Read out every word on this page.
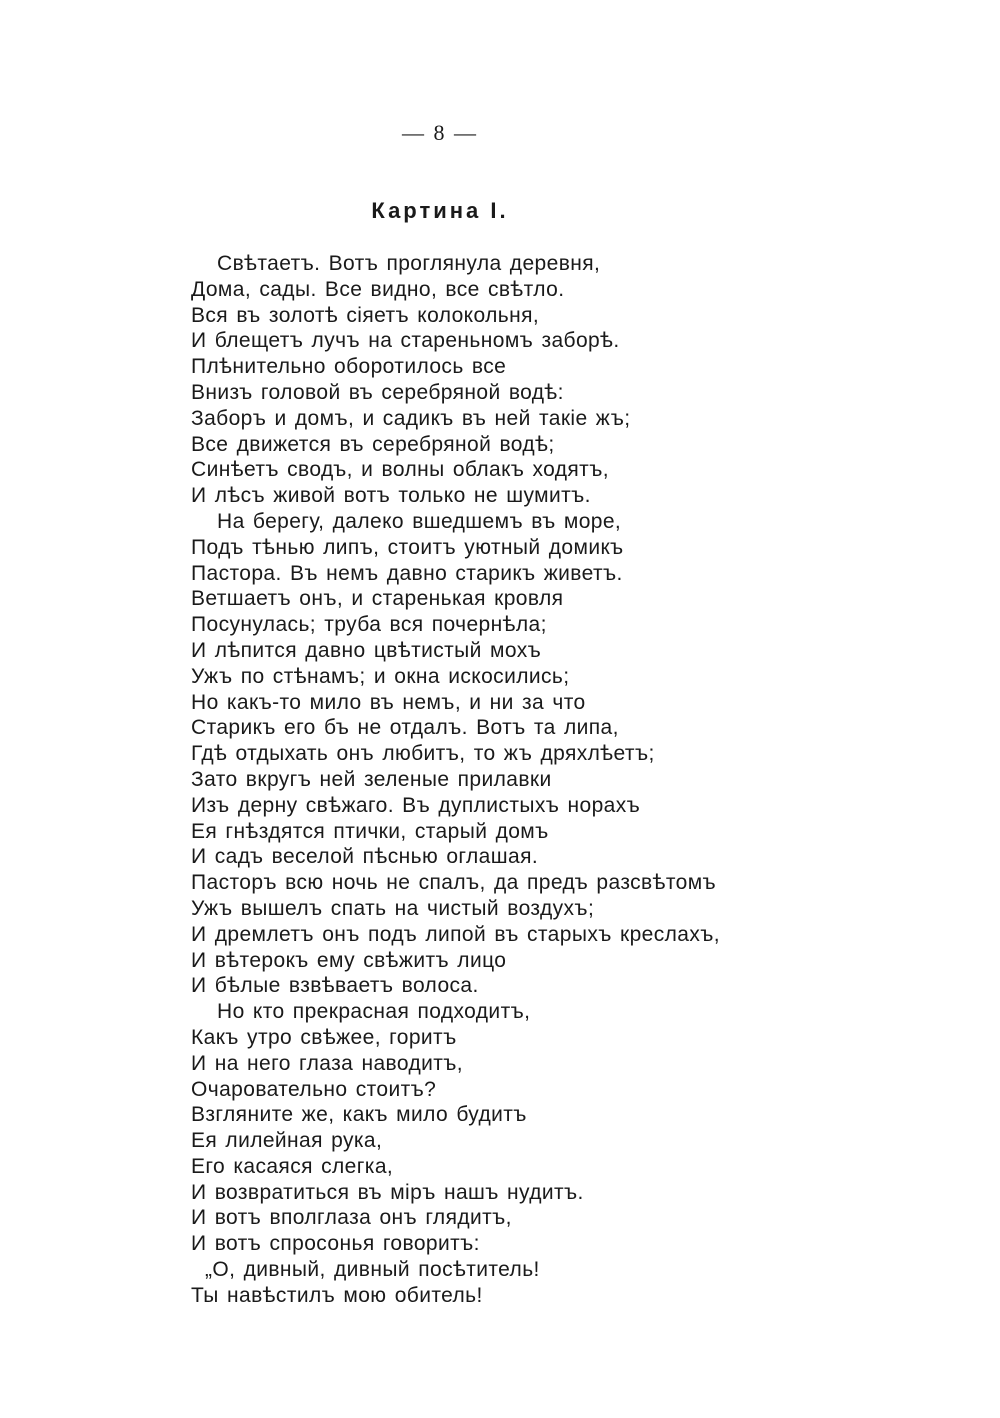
— 8 —
Картина I.
Свѣтаетъ. Вотъ проглянула деревня,
Дома, сады. Все видно, все свѣтло.
Вся въ золотѣ сіяетъ колокольня,
И блещетъ лучъ на стареньномъ заборѣ.
Плѣнительно оборотилось все
Внизъ головой въ серебряной водѣ:
Заборъ и домъ, и садикъ въ ней такіе жъ;
Все движется въ серебряной водѣ;
Синѣетъ сводъ, и волны облакъ ходятъ,
И лѣсъ живой вотъ только не шумитъ.
На берегу, далеко вшедшемъ въ море,
Подъ тѣнью липъ, стоитъ уютный домикъ
Пастора. Въ немъ давно старикъ живетъ.
Ветшаетъ онъ, и старенькая кровля
Посунулась; труба вся почернѣла;
И лѣпится давно цвѣтистый мохъ
Ужъ по стѣнамъ; и окна искосились;
Но какъ-то мило въ немъ, и ни за что
Старикъ его бъ не отдалъ. Вотъ та липа,
Гдѣ отдыхать онъ любитъ, то жъ дряхлѣетъ;
Зато вкругъ ней зеленые прилавки
Изъ дерну свѣжаго. Въ дуплистыхъ норахъ
Ея гнѣздятся птички, старый домъ
И садъ веселой пѣснью оглашая.
Пасторъ всю ночь не спалъ, да предъ разсвѣтомъ
Ужъ вышелъ спать на чистый воздухъ;
И дремлетъ онъ подъ липой въ старыхъ креслахъ,
И вѣтерокъ ему свѣжитъ лицо
И бѣлые взвѣваетъ волоса.
Но кто прекрасная подходитъ,
Какъ утро свѣжее, горитъ
И на него глаза наводитъ,
Очаровательно стоитъ?
Взгляните же, какъ мило будитъ
Ея лилейная рука,
Его касаяся слегка,
И возвратиться въ міръ нашъ нудитъ.
И вотъ вполглаза онъ глядитъ,
И вотъ спросонья говоритъ:
„О, дивный, дивный посѣтитель!
Ты навѣстилъ мою обитель!
